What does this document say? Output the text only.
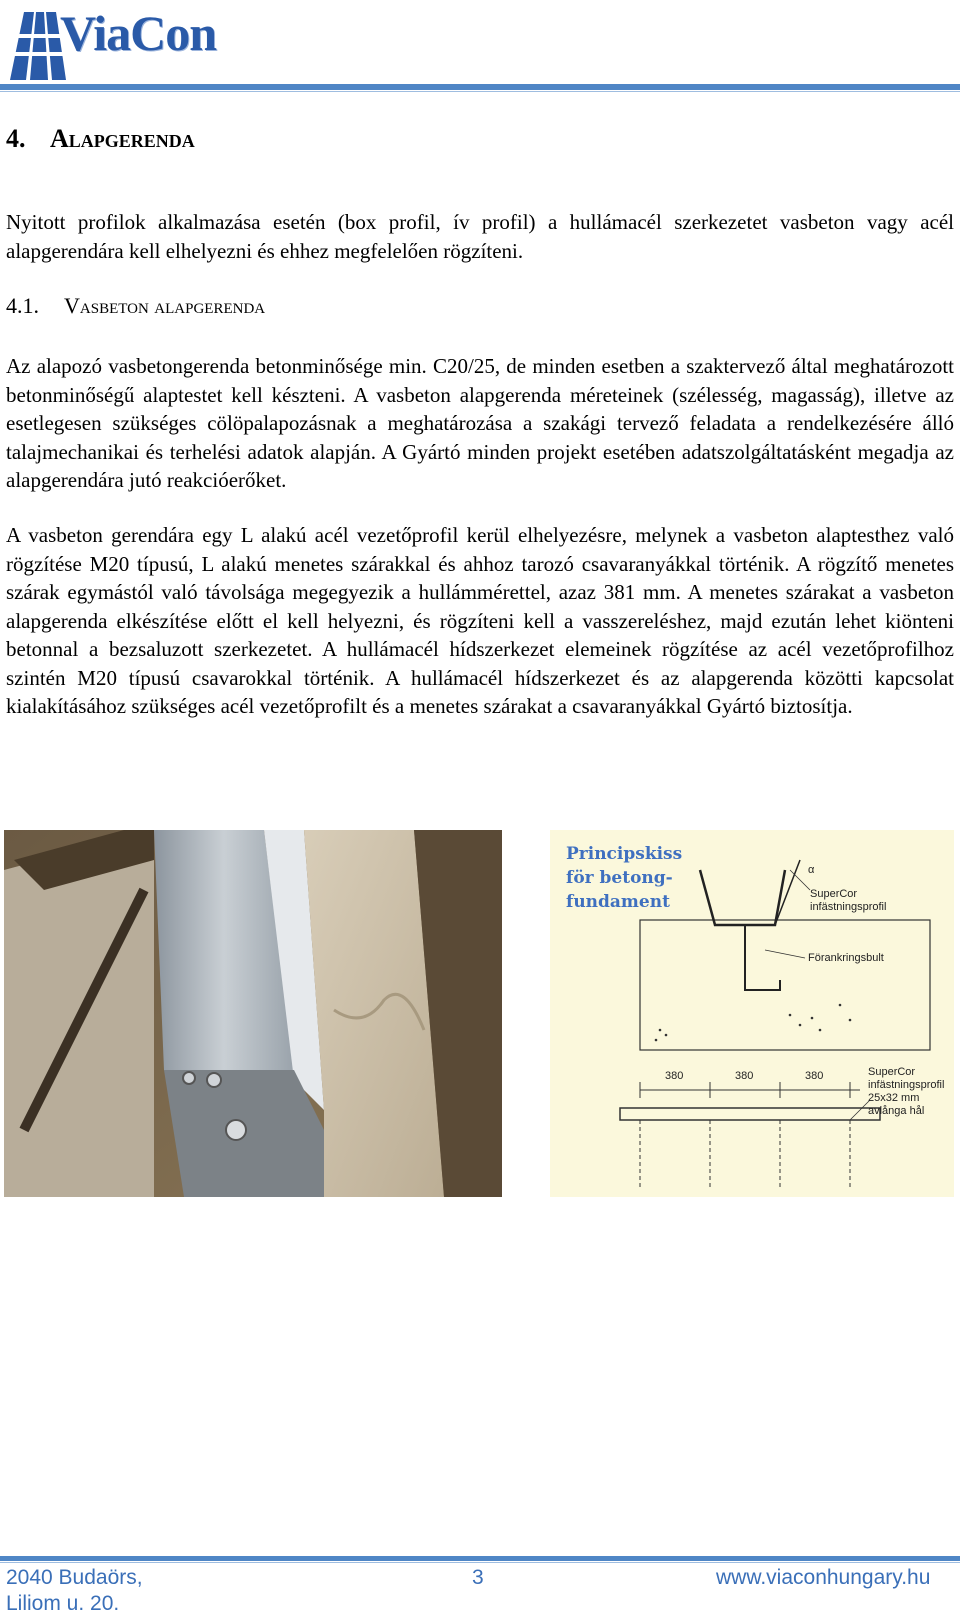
ViaCon
4. Alapgerenda

Nyitott profilok alkalmazása esetén (box profil, ív profil) a hullámacél szerkezetet vasbeton vagy acél alapgerendára kell elhelyezni és ehhez megfelelően rögzíteni.

4.1. Vasbeton alapgerenda

Az alapozó vasbetongerenda betonminősége min. C20/25, de minden esetben a szaktervező által meghatározott betonminőségű alaptestet kell készteni. A vasbeton alapgerenda méreteinek (szélesség, magasság), illetve az esetlegesen szükséges cölöpalapozásnak a meghatározása a szakági tervező feladata a rendelkezésére álló talajmechanikai és terhelési adatok alapján. A Gyártó minden projekt esetében adatszolgáltatásként megadja az alapgerendára jutó reakcióerőket.

A vasbeton gerendára egy L alakú acél vezetőprofil kerül elhelyezésre, melynek a vasbeton alaptesthez való rögzítése M20 típusú, L alakú menetes szárakkal és ahhoz tarozó csavaranyákkal történik. A rögzítő menetes szárak egymástól való távolsága megegyezik a hullámmérettel, azaz 381 mm. A menetes szárakat a vasbeton alapgerenda elkészítése előtt el kell helyezni, és rögzíteni kell a vasszereléshez, majd ezután lehet kiönteni betonnal a bezsaluzott szerkezetet. A hullámacél hídszerkezet elemeinek rögzítése az acél vezetőprofilhoz szintén M20 típusú csavarokkal történik. A hullámacél hídszerkezet és az alapgerenda közötti kapcsolat kialakításához szükséges acél vezetőprofilt és a menetes szárakat a csavaranyákkal Gyártó biztosítja.

Principskiss
för betong-
fundament
α
SuperCor
infästningsprofil
Förankringsbult
380	380	380	SuperCor
infästningsprofil
25x32 mm
avlånga hål
2040 Budaörs,
Liliom u. 20.
3	www.viaconhungary.hu
